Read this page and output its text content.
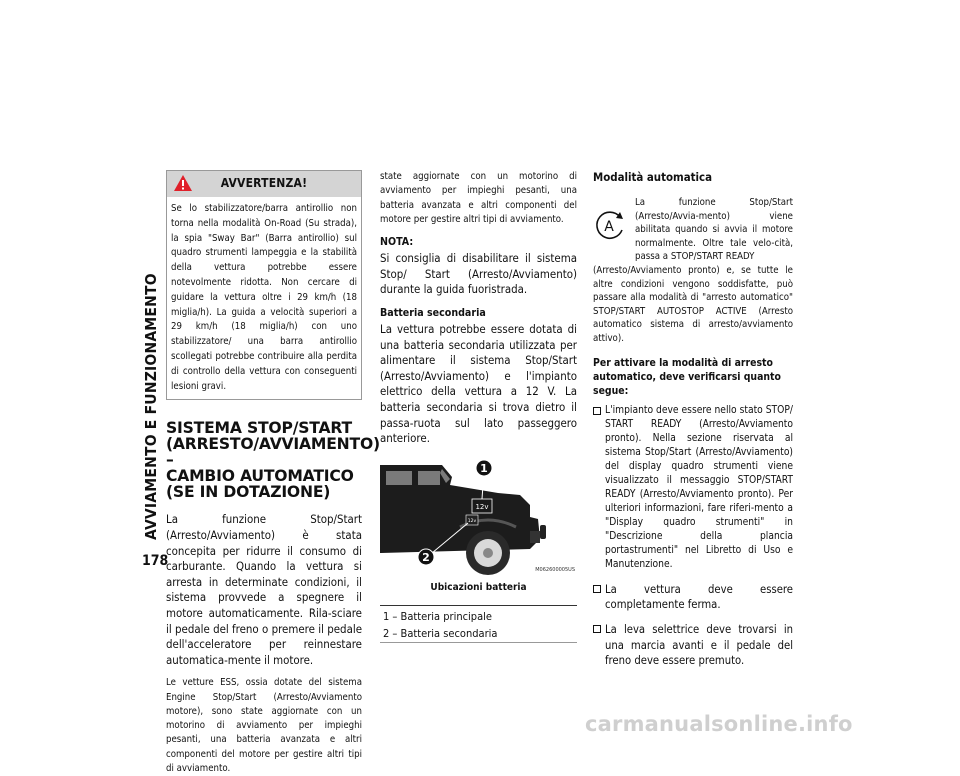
AVVIAMENTO E FUNZIONAMENTO
178
AVVERTENZA!
Se lo stabilizzatore/barra antirollio non torna nella modalità On-Road (Su strada), la spia "Sway Bar" (Barra antirollio) sul quadro strumenti lampeggia e la stabilità della vettura potrebbe essere notevolmente ridotta. Non cercare di guidare la vettura oltre i 29 km/h (18 miglia/h). La guida a velocità superiori a 29 km/h (18 miglia/h) con uno stabilizzatore/ una barra antirollio scollegati potrebbe contribuire alla perdita di controllo della vettura con conseguenti lesioni gravi.
SISTEMA STOP/START
(ARRESTO/AVVIAMENTO) –
CAMBIO AUTOMATICO
(SE IN DOTAZIONE)

La funzione Stop/Start (Arresto/Avviamento) è stata concepita per ridurre il consumo di carburante. Quando la vettura si arresta in determinate condizioni, il sistema provvede a spegnere il motore automaticamente. Rila-sciare il pedale del freno o premere il pedale dell'acceleratore per reinnestare automatica-mente il motore.

Le vetture ESS, ossia dotate del sistema Engine Stop/Start (Arresto/Avviamento motore), sono state aggiornate con un motorino di avviamento per impieghi pesanti, una batteria avanzata e altri componenti del motore per gestire altri tipi di avviamento.

state aggiornate con un motorino di avviamento per impieghi pesanti, una batteria avanzata e altri componenti del motore per gestire altri tipi di avviamento.

NOTA:

Si consiglia di disabilitare il sistema Stop/ Start (Arresto/Avviamento) durante la guida fuoristrada.

Batteria secondaria

La vettura potrebbe essere dotata di una batteria secondaria utilizzata per alimentare il sistema Stop/Start (Arresto/Avviamento) e l'impianto elettrico della vettura a 12 V. La batteria secondaria si trova dietro il passa-ruota sul lato passeggero anteriore.

12v
12v
1
2
M062600005US
Ubicazioni batteria
1 – Batteria principale
2 – Batteria secondaria
Modalità automatica
A

La funzione Stop/Start (Arresto/Avvia-mento) viene abilitata quando si avvia il motore normalmente. Oltre tale velo-cità, passa a STOP/START READY

(Arresto/Avviamento pronto) e, se tutte le altre condizioni vengono soddisfatte, può passare alla modalità di "arresto automatico" STOP/START AUTOSTOP ACTIVE (Arresto automatico sistema di arresto/avviamento attivo).

Per attivare la modalità di arresto automatico, deve verificarsi quanto segue:

L'impianto deve essere nello stato STOP/ START READY (Arresto/Avviamento pronto). Nella sezione riservata al sistema Stop/Start (Arresto/Avviamento) del display quadro strumenti viene visualizzato il messaggio STOP/START READY (Arresto/Avviamento pronto). Per ulteriori informazioni, fare riferi-mento a "Display quadro strumenti" in "Descrizione della plancia portastrumenti" nel Libretto di Uso e Manutenzione.
La vettura deve essere completamente ferma.
La leva selettrice deve trovarsi in una marcia avanti e il pedale del freno deve essere premuto.
carmanualsonline.info
